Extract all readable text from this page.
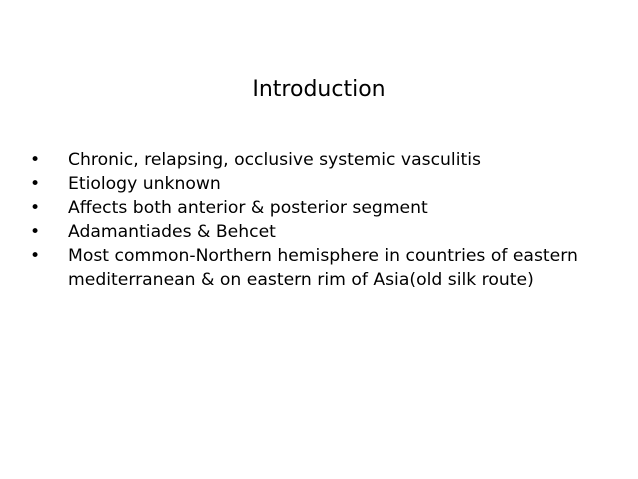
Introduction
• Chronic, relapsing, occlusive systemic vasculitis
• Etiology unknown
• Affects both anterior & posterior segment
• Adamantiades & Behcet
• Most common-Northern hemisphere in countries of eastern mediterranean & on eastern rim of Asia(old silk route)
